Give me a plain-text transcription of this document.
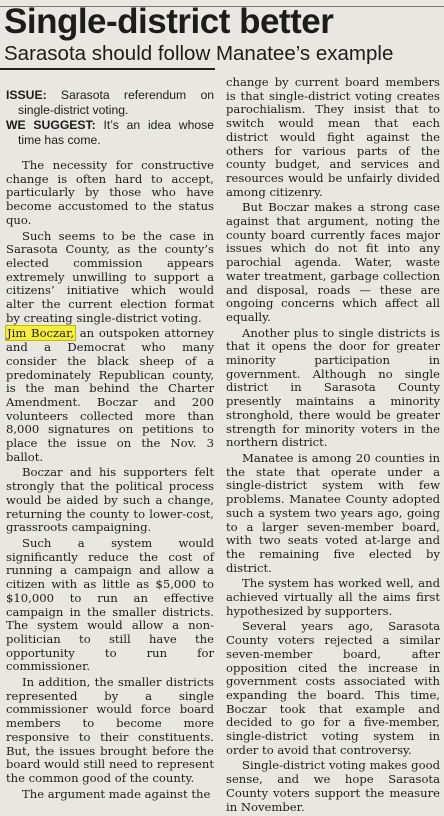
Single-district better
Sarasota should follow Manatee’s example
ISSUE: Sarasota referendum on single-district voting.
WE SUGGEST: It’s an idea whose time has come.

The necessity for constructive change is often hard to accept, particularly by those who have become accustomed to the status quo.

Such seems to be the case in Sarasota County, as the county’s elected commission appears extremely unwilling to support a citizens’ initiative which would alter the current election format by creating single-district voting.

Jim Boczar, an outspoken attorney and a Democrat who many consider the black sheep of a predominately Republican county, is the man behind the Charter Amendment. Boczar and 200 volunteers collected more than 8,000 signatures on petitions to place the issue on the Nov. 3 ballot.

Boczar and his supporters felt strongly that the political process would be aided by such a change, returning the county to lower-cost, grassroots campaigning.

Such a system would significantly reduce the cost of running a campaign and allow a citizen with as little as $5,000 to $10,000 to run an effective campaign in the smaller districts. The system would allow a non-politician to still have the opportunity to run for commissioner.

In addition, the smaller districts represented by a single commissioner would force board members to become more responsive to their constituents. But, the issues brought before the board would still need to represent the common good of the county.

The argument made against the

change by current board members is that single-district voting creates parochialism. They insist that to switch would mean that each district would fight against the others for various parts of the county budget, and services and resources would be unfairly divided among citizenry.

But Boczar makes a strong case against that argument, noting the county board currently faces major issues which do not fit into any parochial agenda. Water, waste water treatment, garbage collection and disposal, roads — these are ongoing concerns which affect all equally.

Another plus to single districts is that it opens the door for greater minority participation in government. Although no single district in Sarasota County presently maintains a minority stronghold, there would be greater strength for minority voters in the northern district.

Manatee is among 20 counties in the state that operate under a single-district system with few problems. Manatee County adopted such a system two years ago, going to a larger seven-member board, with two seats voted at-large and the remaining five elected by district.

The system has worked well, and achieved virtually all the aims first hypothesized by supporters.

Several years ago, Sarasota County voters rejected a similar seven-member board, after opposition cited the increase in government costs associated with expanding the board. This time, Boczar took that example and decided to go for a five-member, single-district voting system in order to avoid that controversy.

Single-district voting makes good sense, and we hope Sarasota County voters support the measure in November.
